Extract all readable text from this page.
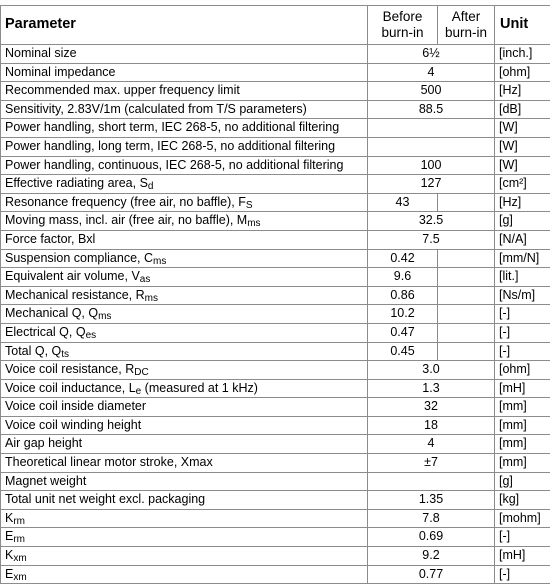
Parameter	Before burn-in	After burn-in	Unit
Nominal size	6½		[inch.]
Nominal impedance	4		[ohm]
Recommended max. upper frequency limit	500		[Hz]
Sensitivity, 2.83V/1m (calculated from T/S parameters)	88.5		[dB]
Power handling, short term, IEC 268-5, no additional filtering			[W]
Power handling, long term, IEC 268-5, no additional filtering			[W]
Power handling, continuous, IEC 268-5, no additional filtering	100		[W]
Effective radiating area, $S_d$	127		[cm²]
Resonance frequency (free air, no baffle), $F_S$	43		[Hz]
Moving mass, incl. air (free air, no baffle), $M_{ms}$	32.5		[g]
Force factor, Bxl	7.5		[N/A]
Suspension compliance, $C_{ms}$	0.42		[mm/N]
Equivalent air volume, $V_{as}$	9.6		[lit.]
Mechanical resistance, $R_{ms}$	0.86		[Ns/m]
Mechanical Q, $Q_{ms}$	10.2		[-]
Electrical Q, $Q_{es}$	0.47		[-]
Total Q, $Q_{ts}$	0.45		[-]
Voice coil resistance, $R_{DC}$	3.0		[ohm]
Voice coil inductance, $L_e$ (measured at 1 kHz)	1.3		[mH]
Voice coil inside diameter	32		[mm]
Voice coil winding height	18		[mm]
Air gap height	4		[mm]
Theoretical linear motor stroke, Xmax	±7		[mm]
Magnet weight			[g]
Total unit net weight excl. packaging	1.35		[kg]
$K_{rm}$	7.8		[mohm]
$E_{rm}$	0.69		[-]
$K_{xm}$	9.2		[mH]
$E_{xm}$	0.77		[-]
